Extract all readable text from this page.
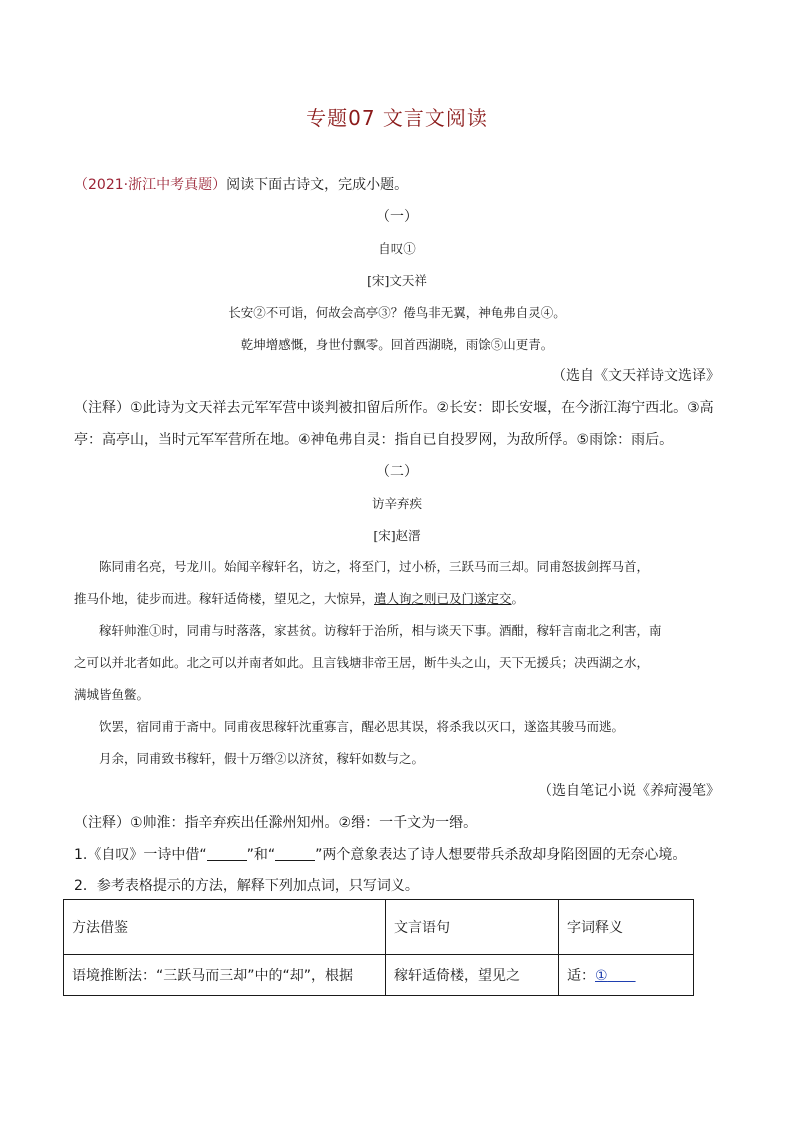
专题07 文言文阅读
（2021·浙江中考真题）阅读下面古诗文，完成小题。
（一）
自叹①
[宋]文天祥
长安②不可诣，何故会高亭③？倦鸟非无翼，神龟弗自灵④。
乾坤增感慨，身世付飘零。回首西湖晓，雨馀⑤山更青。
（选自《文天祥诗文选译》
（注释）①此诗为文天祥去元军军营中谈判被扣留后所作。②长安：即长安堰，在今浙江海宁西北。③高
亭：高亭山，当时元军军营所在地。④神龟弗自灵：指自已自投罗网，为敌所俘。⑤雨馀：雨后。
（二）
访辛弃疾
[宋]赵溍
陈同甫名亮，号龙川。始闻辛稼轩名，访之，将至门，过小桥，三跃马而三却。同甫怒拔剑挥马首，
推马仆地，徒步而进。稼轩适倚楼，望见之，大惊异，遣人询之则已及门遂定交。
稼轩帅淮①时，同甫与时落落，家甚贫。访稼轩于治所，相与谈天下事。酒酣，稼轩言南北之利害，南
之可以并北者如此。北之可以并南者如此。且言钱塘非帝王居，断牛头之山，天下无援兵；决西湖之水，
满城皆鱼鳖。
饮罢，宿同甫于斋中。同甫夜思稼轩沈重寡言，醒必思其误，将杀我以灭口，遂盗其骏马而逃。
月余，同甫致书稼轩，假十万缗②以济贫，稼轩如数与之。
（选自笔记小说《养疴漫笔》
（注释）①帅淮：指辛弃疾出任滁州知州。②缗：一千文为一缗。
1.《自叹》一诗中借“	”和“	”两个意象表达了诗人想要带兵杀敌却身陷囹圄的无奈心境。
2．参考表格提示的方法，解释下列加点词，只写词义。
方法借鉴	文言语句	字词释义
语境推断法：“三跃马而三却”中的“却”，根据	稼轩适倚楼，望见之	适：①  
